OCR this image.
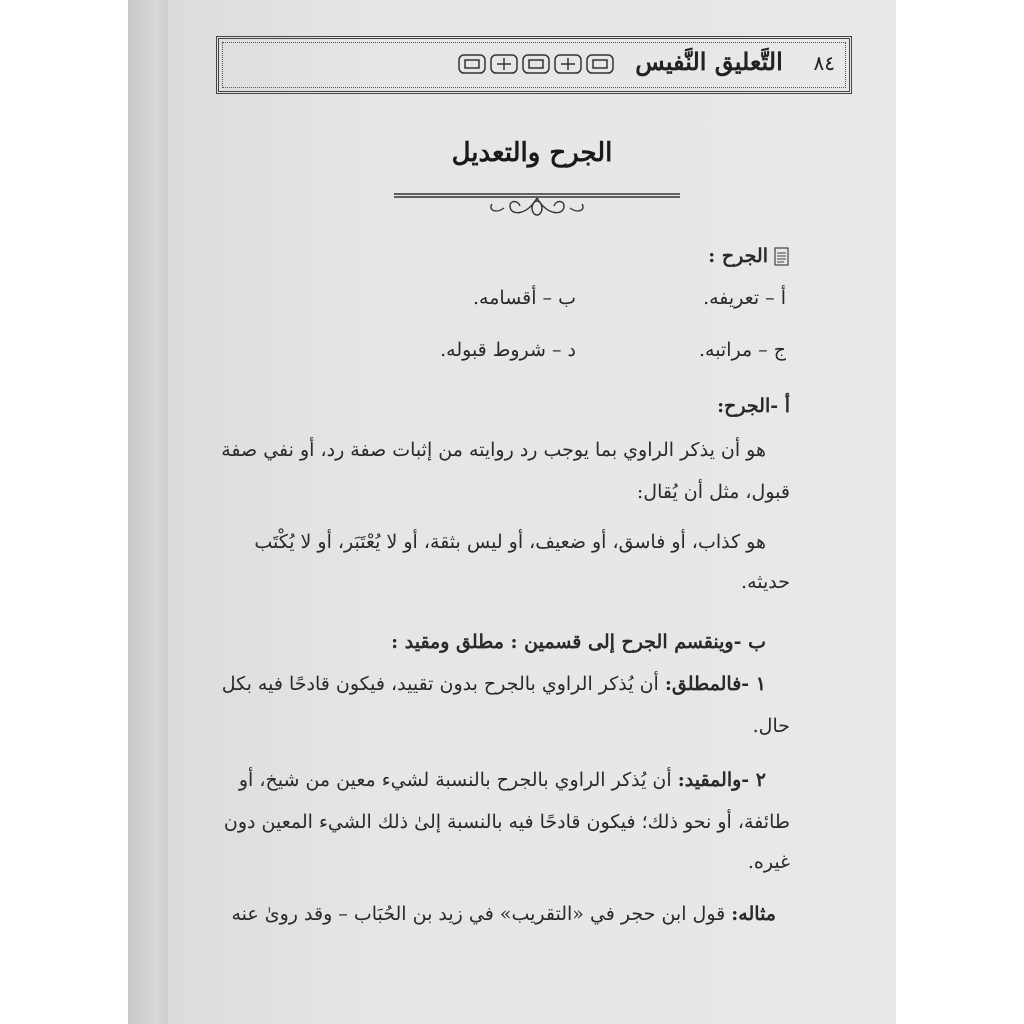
٨٤
التَّعليق النَّفيس
الجرح والتعديل
الجرح :
أ – تعريفه.
ب – أقسامه.
ج – مراتبه.
د – شروط قبوله.
أ -الجرح:
هو أن يذكر الراوي بما يوجب رد روايته من إثبات صفة رد، أو نفي صفة
قبول، مثل أن يُقال:
هو كذاب، أو فاسق، أو ضعيف، أو ليس بثقة، أو لا يُعْتَبَر، أو لا يُكْتَب
حديثه.
ب -وينقسم الجرح إلى قسمين : مطلق ومقيد :
١ -فالمطلق: أن يُذكر الراوي بالجرح بدون تقييد، فيكون قادحًا فيه بكل
حال.
٢ -والمقيد: أن يُذكر الراوي بالجرح بالنسبة لشيء معين من شيخ، أو
طائفة، أو نحو ذلك؛ فيكون قادحًا فيه بالنسبة إلىٰ ذلك الشيء المعين دون
غيره.
مثاله: قول ابن حجر في «التقريب» في زيد بن الحُبَاب – وقد روىٰ عنه
